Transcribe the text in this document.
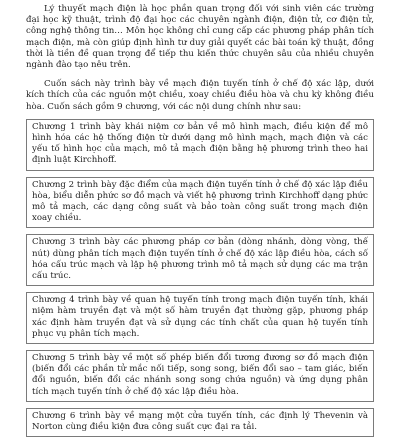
Lý thuyết mạch điện là học phần quan trọng đối với sinh viên các trường đại học kỹ thuật, trình độ đại học các chuyên ngành điện, điện tử, cơ điện tử, công nghệ thông tin… Môn học không chỉ cung cấp các phương pháp phân tích mạch điện, mà còn giúp định hình tư duy giải quyết các bài toán kỹ thuật, đồng thời là tiền đề quan trọng để tiếp thu kiến thức chuyên sâu của nhiều chuyên ngành đào tạo nêu trên.

Cuốn sách này trình bày về mạch điện tuyến tính ở chế độ xác lập, dưới kích thích của các nguồn một chiều, xoay chiều điều hòa và chu kỳ không điều hòa. Cuốn sách gồm 9 chương, với các nội dung chính như sau:

Chương 1 trình bày khái niệm cơ bản về mô hình mạch, điều kiện để mô hình hóa các hệ thống điện từ dưới dạng mô hình mạch, mạch điện và các yếu tố hình học của mạch, mô tả mạch điện bằng hệ phương trình theo hai định luật Kirchhoff.

Chương 2 trình bày đặc điểm của mạch điện tuyến tính ở chế độ xác lập điều hòa, biểu diễn phức sơ đồ mạch và viết hệ phương trình Kirchhoff dạng phức mô tả mạch, các dạng công suất và bảo toàn công suất trong mạch điện xoay chiều.

Chương 3 trình bày các phương pháp cơ bản (dòng nhánh, dòng vòng, thế nút) dùng phân tích mạch điện tuyến tính ở chế độ xác lập điều hòa, cách số hóa cấu trúc mạch và lập hệ phương trình mô tả mạch sử dụng các ma trận cấu trúc.

Chương 4 trình bày về quan hệ tuyến tính trong mạch điện tuyến tính, khái niệm hàm truyền đạt và một số hàm truyền đạt thường gặp, phương pháp xác định hàm truyền đạt và sử dụng các tính chất của quan hệ tuyến tính phục vụ phân tích mạch.

Chương 5 trình bày về một số phép biến đổi tương đương sơ đồ mạch điện (biến đổi các phần tử mắc nối tiếp, song song, biến đổi sao – tam giác, biến đổi nguồn, biến đổi các nhánh song song chứa nguồn) và ứng dụng phân tích mạch tuyến tính ở chế độ xác lập điều hòa.

Chương 6 trình bày về mạng một cửa tuyến tính, các định lý Thevenin và Norton cùng điều kiện đưa công suất cực đại ra tải.
